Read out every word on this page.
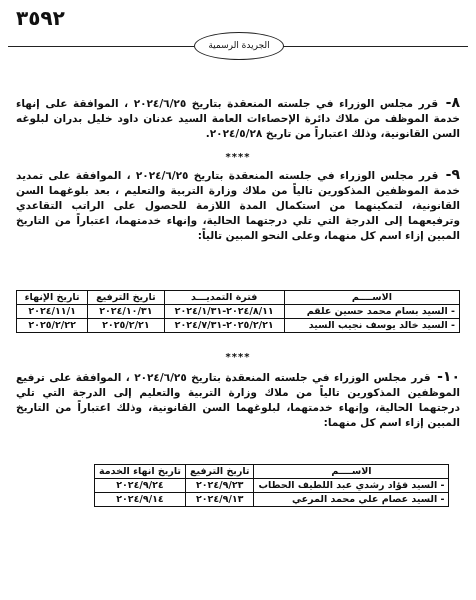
٣٥٩٢
الجريدة الرسمية
٨- قرر مجلس الوزراء في جلسته المنعقدة بتاريخ ٢٠٢٤/٦/٢٥ ، الموافقة على إنهاء خدمة الموظف من ملاك دائرة الإحصاءات العامة السيد عدنان داود خليل بدران لبلوغه السن القانونية، وذلك اعتباراً من تاريخ ٢٠٢٤/٥/٢٨.
****
٩- قرر مجلس الوزراء في جلسته المنعقدة بتاريخ ٢٠٢٤/٦/٢٥ ، الموافقة على تمديد خدمة الموظفين المذكورين تالياً من ملاك وزارة التربية والتعليم ، بعد بلوغهما السن القانونية، لتمكينهما من استكمال المدة اللازمة للحصول على الراتب التقاعدي وترفيعهما إلى الدرجة التي تلي درجتهما الحالية، وإنهاء خدمتهما، اعتباراً من التاريخ المبين إزاء اسم كل منهما، وعلى النحو المبين تالياً:
الاســــم	فترة التمديـــد	تاريخ الترفيع	تاريخ الإنهاء
- السيد بسام محمد حسين علقم	٢٠٢٤/٨/١١-٢٠٢٤/١/٣١	٢٠٢٤/١٠/٣١	٢٠٢٤/١١/١
- السيد خالد يوسف نجيب السيد	٢٠٢٥/٢/٢١-٢٠٢٤/٧/٣١	٢٠٢٥/٢/٢١	٢٠٢٥/٢/٢٢
****
١٠- قرر مجلس الوزراء في جلسته المنعقدة بتاريخ ٢٠٢٤/٦/٢٥ ، الموافقة على ترفيع الموظفين المذكورين تالياً من ملاك وزارة التربية والتعليم إلى الدرجة التي تلي درجتهما الحالية، وإنهاء خدمتهما، لبلوغهما السن القانونية، وذلك اعتباراً من التاريخ المبين إزاء اسم كل منهما:
الاســــم	تاريخ الترفيع	تاريخ انهاء الخدمة
- السيد فؤاد رشدي عبد اللطيف الحطاب	٢٠٢٤/٩/٢٣	٢٠٢٤/٩/٢٤
- السيد عصام علي محمد المرعي	٢٠٢٤/٩/١٣	٢٠٢٤/٩/١٤
